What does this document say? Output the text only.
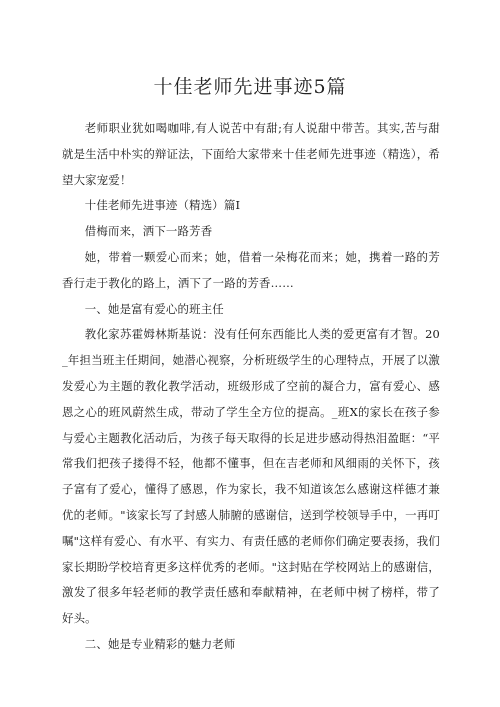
十佳老师先进事迹5篇

老师职业犹如喝咖啡,有人说苦中有甜;有人说甜中带苦。其实,苦与甜就是生活中朴实的辩证法，下面给大家带来十佳老师先进事迹（精选），希望大家宠爱！

十佳老师先进事迹（精选）篇Ⅰ

借梅而来，洒下一路芳香

她，带着一颗爱心而来；她，借着一朵梅花而来；她，携着一路的芳香行走于教化的路上，洒下了一路的芳香……

一、她是富有爱心的班主任

教化家苏霍姆林斯基说：没有任何东西能比人类的爱更富有才智。20_年担当班主任期间，她潜心视察，分析班级学生的心理特点，开展了以激发爱心为主题的教化教学活动，班级形成了空前的凝合力，富有爱心、感恩之心的班风蔚然生成，带动了学生全方位的提高。_班X的家长在孩子参与爱心主题教化活动后，为孩子每天取得的长足进步感动得热泪盈眶：“平常我们把孩子搂得不轻，他都不懂事，但在吉老师和风细雨的关怀下，孩子富有了爱心，懂得了感恩，作为家长，我不知道该怎么感谢这样德才兼优的老师。"该家长写了封感人肺腑的感谢信，送到学校领导手中，一再叮嘱"这样有爱心、有水平、有实力、有责任感的老师你们确定要表扬，我们家长期盼学校培育更多这样优秀的老师。"这封贴在学校网站上的感谢信，激发了很多年轻老师的教学责任感和奉献精神，在老师中树了榜样，带了好头。

二、她是专业精彩的魅力老师
